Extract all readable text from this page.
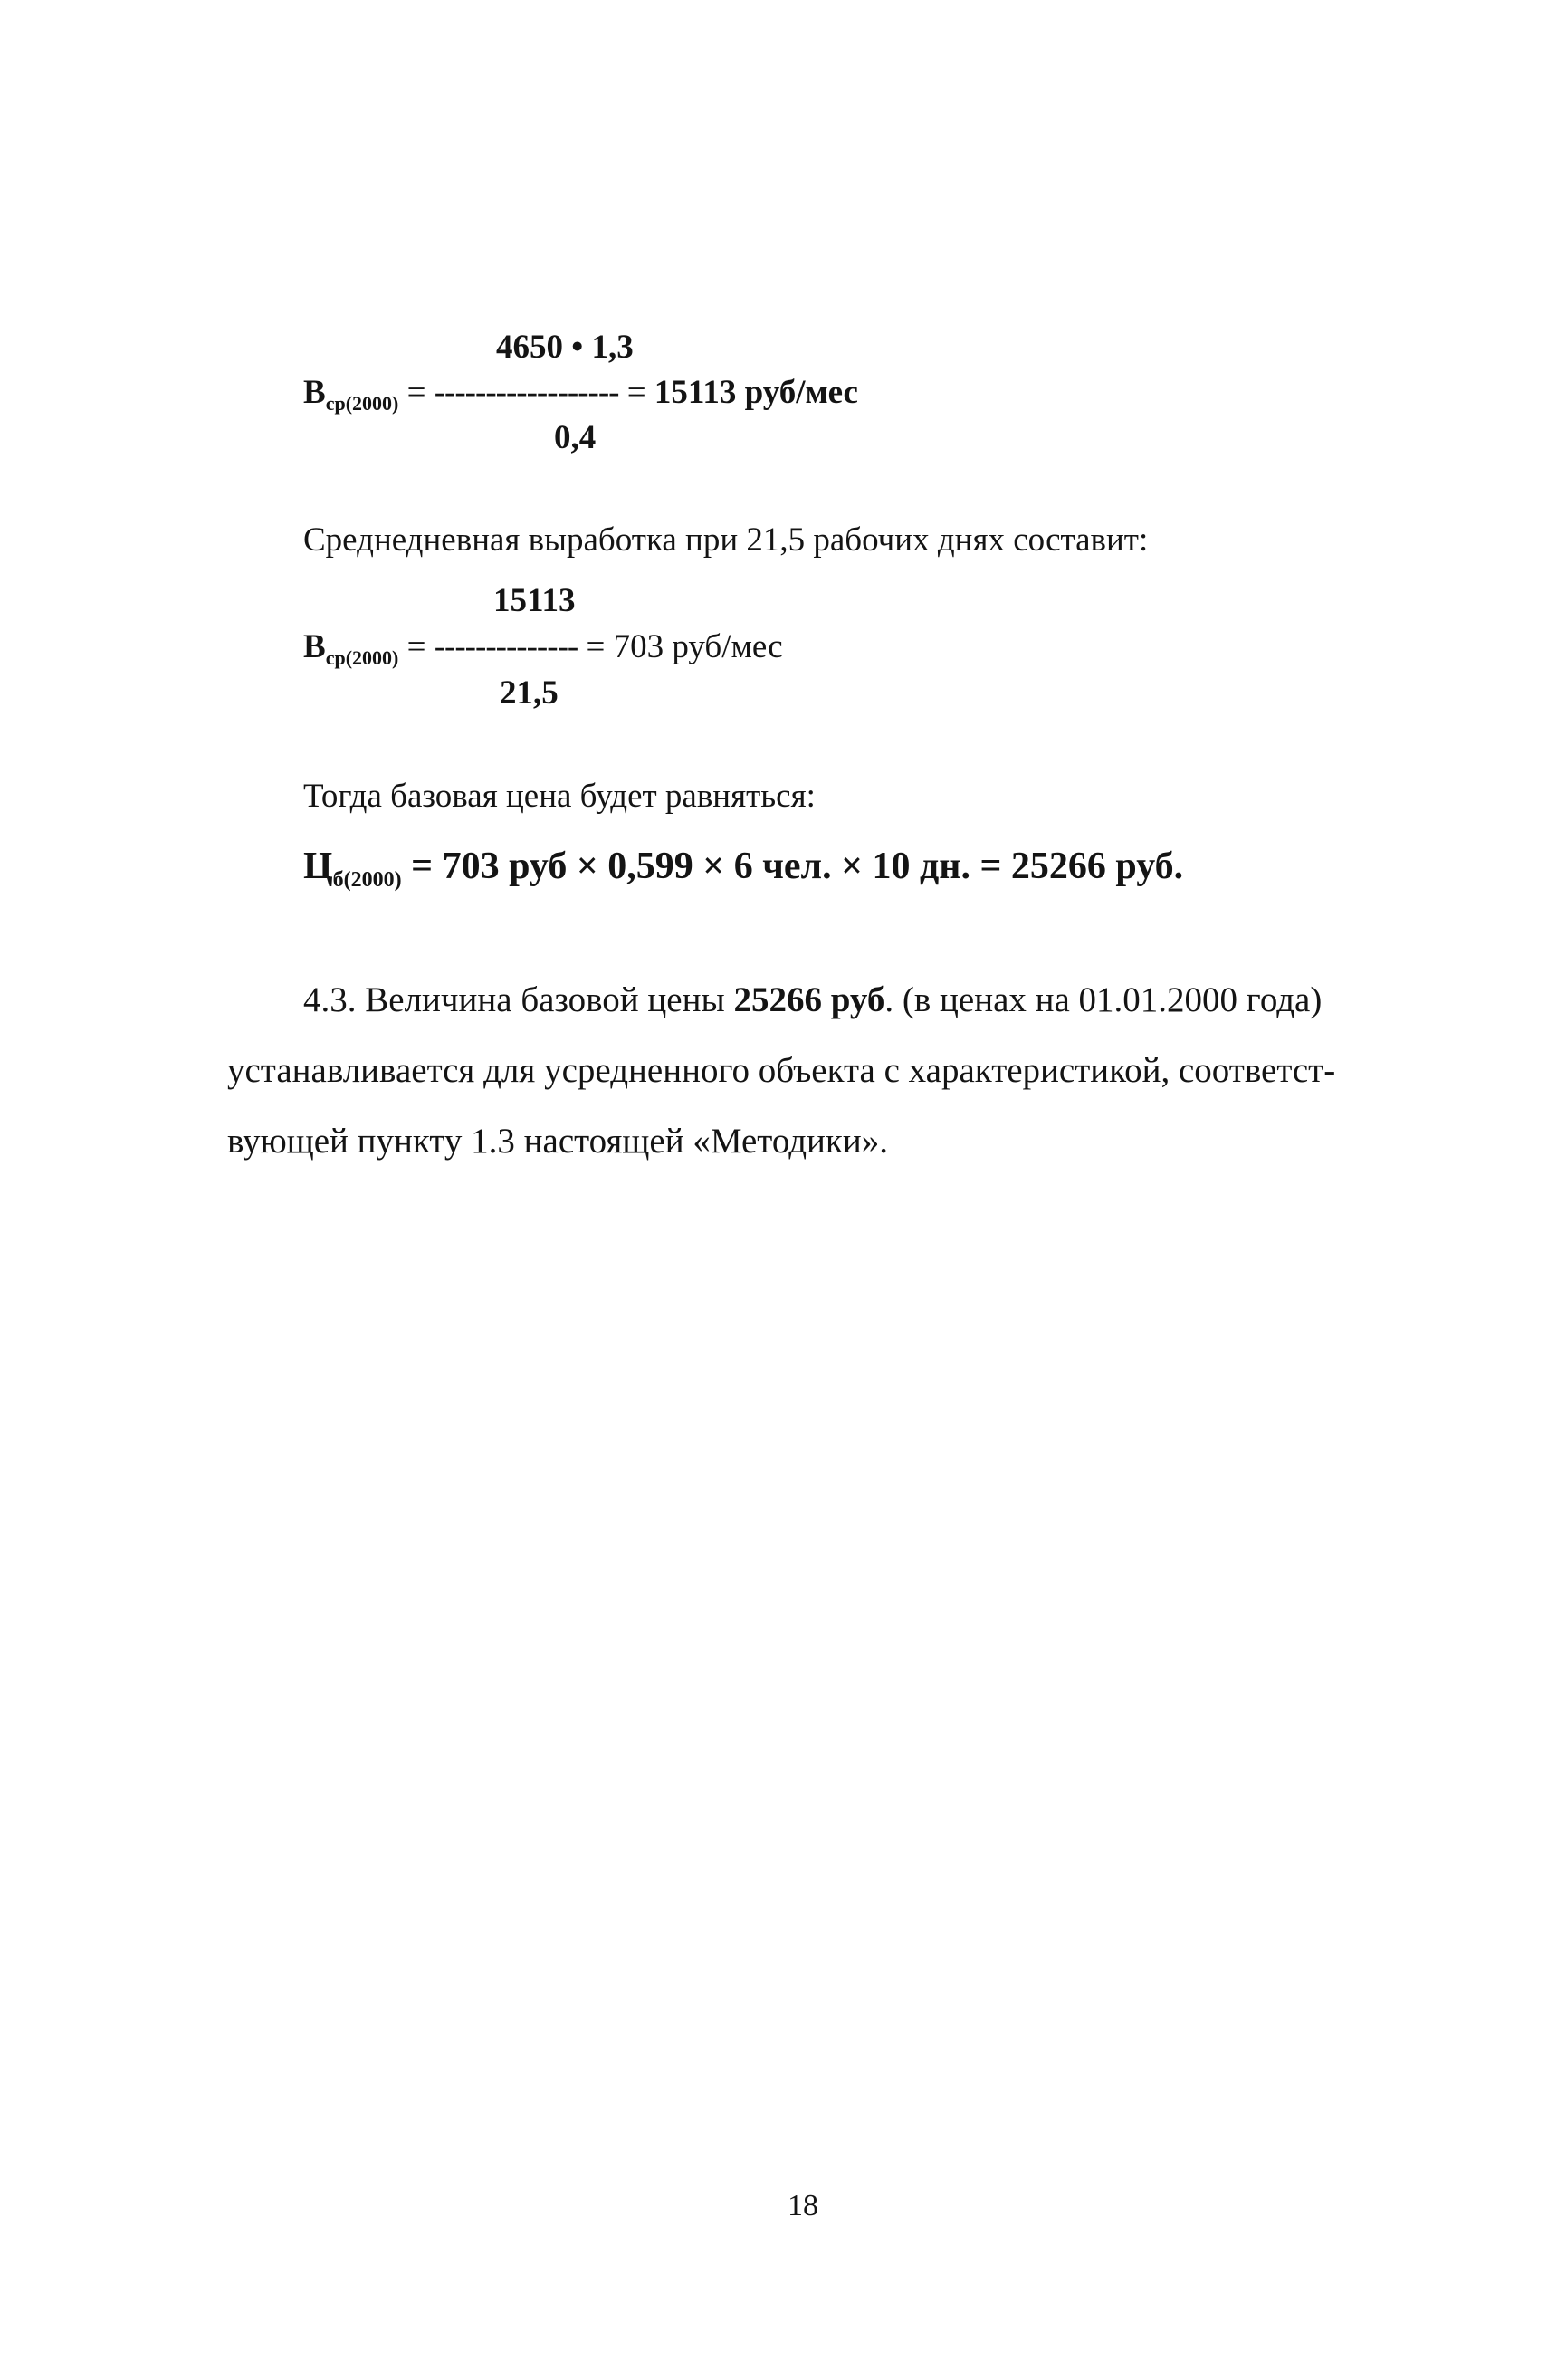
4650 • 1,3
$В_{ср(2000)}$ = ------------------ = 15113 руб/мес
0,4
Среднедневная выработка при 21,5 рабочих днях составит:
15113
$В_{ср(2000)}$ = -------------- = 703 руб/мес
21,5
Тогда базовая цена будет равняться:
$Ц_{б(2000)} = 703$ руб × 0,599 × 6 чел. × 10 дн. = 25266 руб.
4.3. Величина базовой цены 25266 руб. (в ценах на 01.01.2000 года)
устанавливается для усредненного объекта с характеристикой, соответст-
вующей пункту 1.3 настоящей «Методики».
18
